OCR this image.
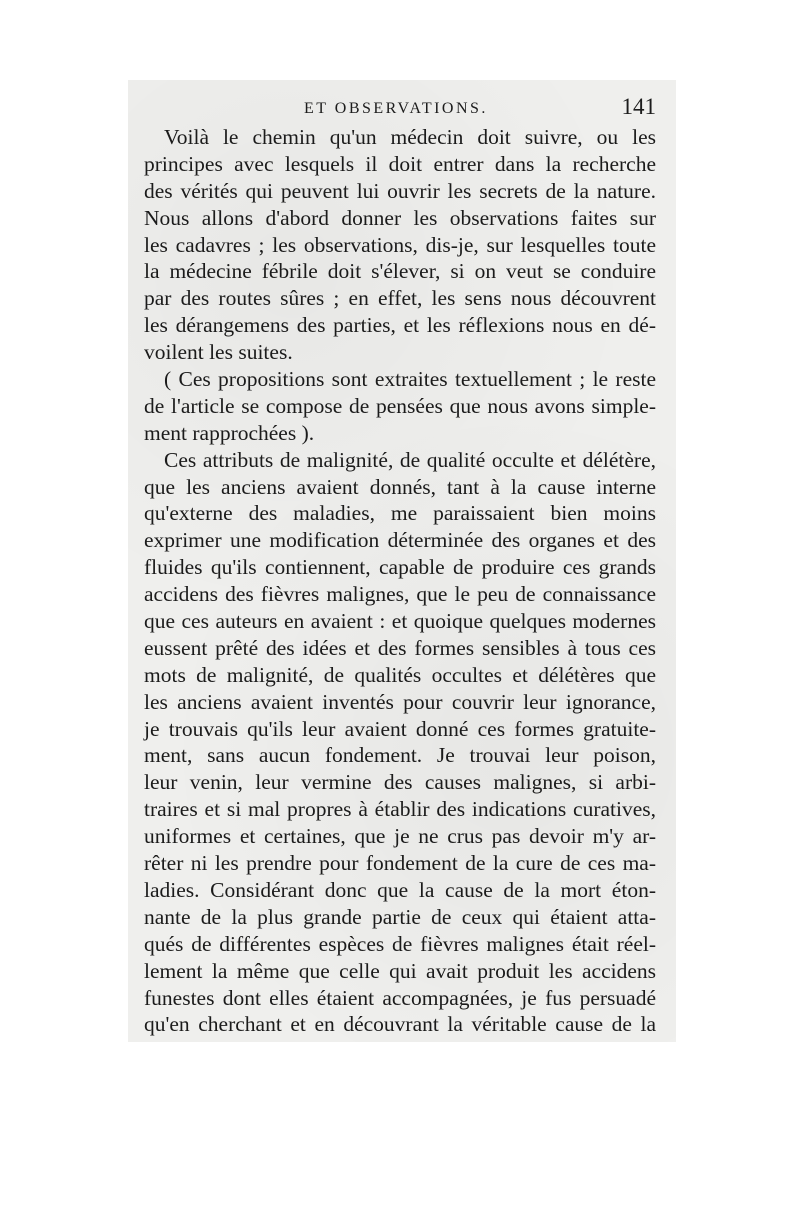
ET OBSERVATIONS.	141
Voilà le chemin qu'un médecin doit suivre, ou les
principes avec lesquels il doit entrer dans la recherche
des vérités qui peuvent lui ouvrir les secrets de la nature.
Nous allons d'abord donner les observations faites sur
les cadavres ; les observations, dis-je, sur lesquelles toute
la médecine fébrile doit s'élever, si on veut se conduire
par des routes sûres ; en effet, les sens nous découvrent
les dérangemens des parties, et les réflexions nous en dé-
voilent les suites.
( Ces propositions sont extraites textuellement ; le reste
de l'article se compose de pensées que nous avons simple-
ment rapprochées ).
Ces attributs de malignité, de qualité occulte et délétère,
que les anciens avaient donnés, tant à la cause interne
qu'externe des maladies, me paraissaient bien moins
exprimer une modification déterminée des organes et des
fluides qu'ils contiennent, capable de produire ces grands
accidens des fièvres malignes, que le peu de connaissance
que ces auteurs en avaient : et quoique quelques modernes
eussent prêté des idées et des formes sensibles à tous ces
mots de malignité, de qualités occultes et délétères que
les anciens avaient inventés pour couvrir leur ignorance,
je trouvais qu'ils leur avaient donné ces formes gratuite-
ment, sans aucun fondement. Je trouvai leur poison,
leur venin, leur vermine des causes malignes, si arbi-
traires et si mal propres à établir des indications curatives,
uniformes et certaines, que je ne crus pas devoir m'y ar-
rêter ni les prendre pour fondement de la cure de ces ma-
ladies. Considérant donc que la cause de la mort éton-
nante de la plus grande partie de ceux qui étaient atta-
qués de différentes espèces de fièvres malignes était réel-
lement la même que celle qui avait produit les accidens
funestes dont elles étaient accompagnées, je fus persuadé
qu'en cherchant et en découvrant la véritable cause de la
